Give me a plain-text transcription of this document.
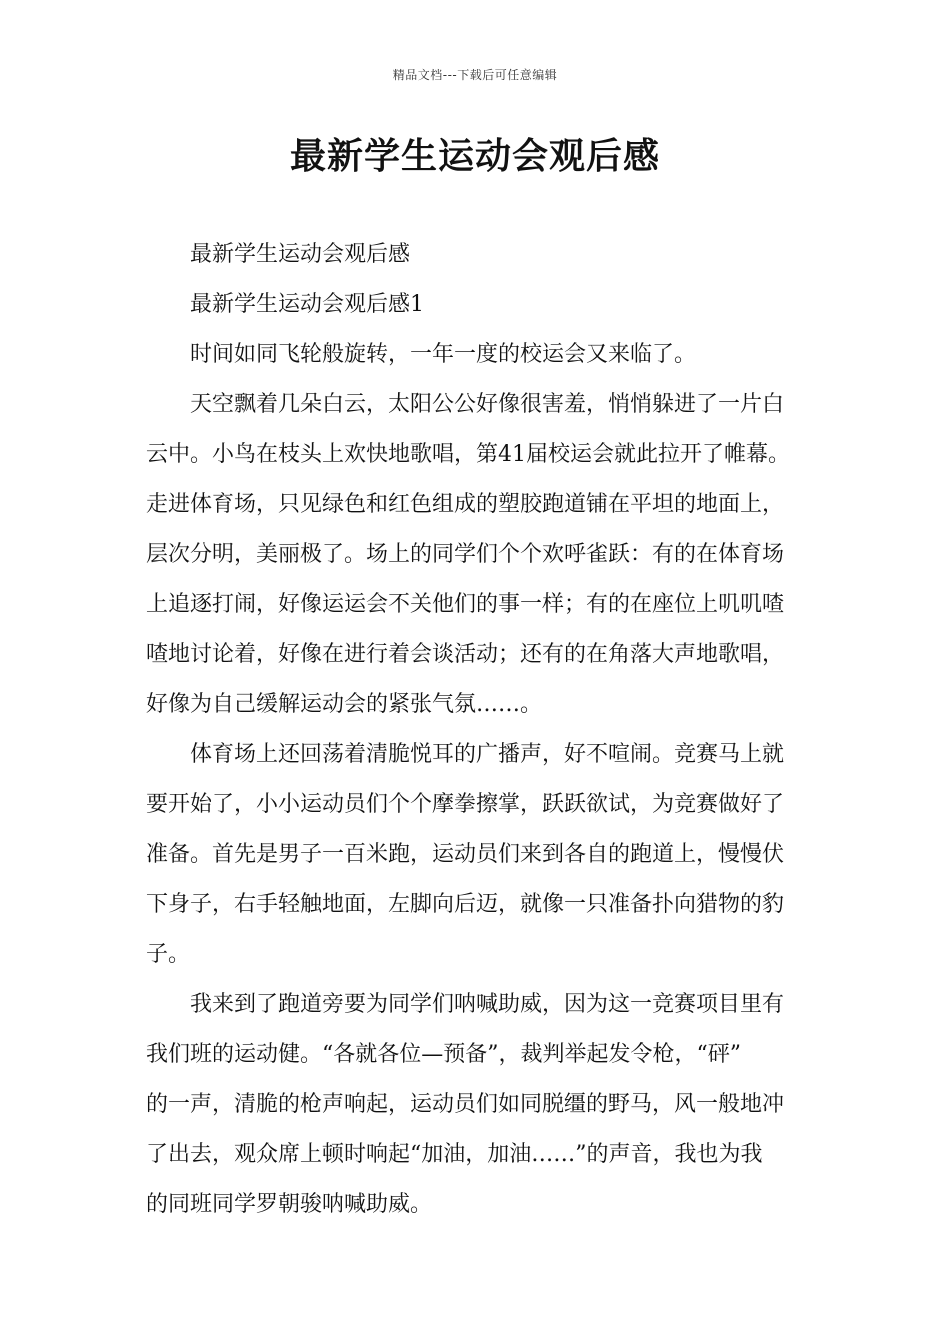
精品文档---下载后可任意编辑
最新学生运动会观后感
最新学生运动会观后感
最新学生运动会观后感1
时间如同飞轮般旋转，一年一度的校运会又来临了。
天空飘着几朵白云，太阳公公好像很害羞，悄悄躲进了一片白
云中。小鸟在枝头上欢快地歌唱，第41届校运会就此拉开了帷幕。
走进体育场，只见绿色和红色组成的塑胶跑道铺在平坦的地面上，
层次分明，美丽极了。场上的同学们个个欢呼雀跃：有的在体育场
上追逐打闹，好像运运会不关他们的事一样；有的在座位上叽叽喳
喳地讨论着，好像在进行着会谈活动；还有的在角落大声地歌唱，
好像为自己缓解运动会的紧张气氛……。
体育场上还回荡着清脆悦耳的广播声，好不喧闹。竞赛马上就
要开始了，小小运动员们个个摩拳擦掌，跃跃欲试，为竞赛做好了
准备。首先是男子一百米跑，运动员们来到各自的跑道上，慢慢伏
下身子，右手轻触地面，左脚向后迈，就像一只准备扑向猎物的豹
子。
我来到了跑道旁要为同学们呐喊助威，因为这一竞赛项目里有
我们班的运动健。“各就各位—预备”，裁判举起发令枪，“砰”
的一声，清脆的枪声响起，运动员们如同脱缰的野马，风一般地冲
了出去，观众席上顿时响起“加油，加油……”的声音，我也为我
的同班同学罗朝骏呐喊助威。
